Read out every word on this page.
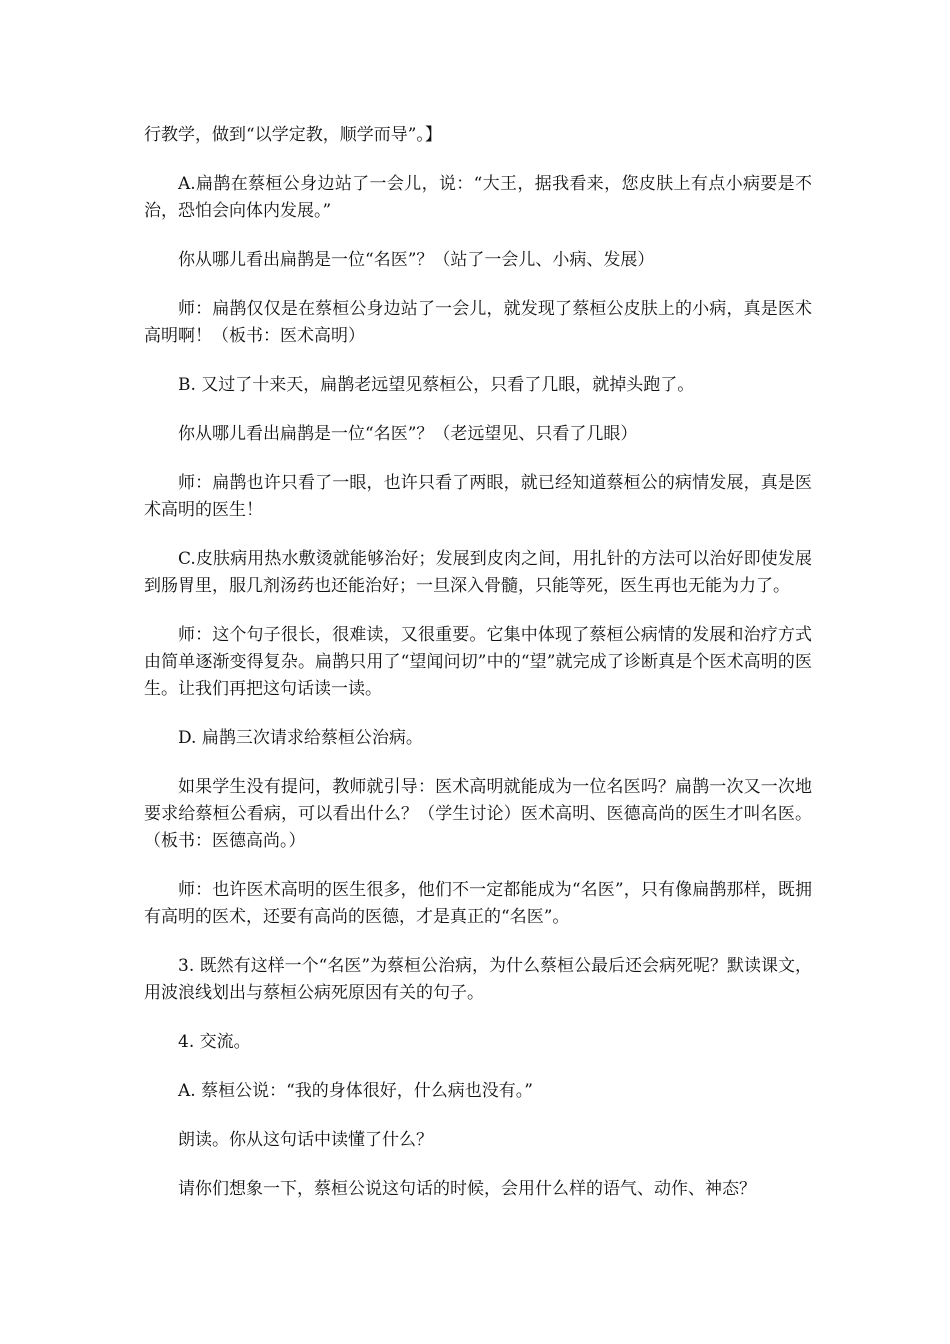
行教学，做到“以学定教，顺学而导”。】

A.扁鹊在蔡桓公身边站了一会儿，说：“大王，据我看来，您皮肤上有点小病要是不治，恐怕会向体内发展。”

你从哪儿看出扁鹊是一位“名医”？（站了一会儿、小病、发展）

师：扁鹊仅仅是在蔡桓公身边站了一会儿，就发现了蔡桓公皮肤上的小病，真是医术高明啊！（板书：医术高明）

B. 又过了十来天，扁鹊老远望见蔡桓公，只看了几眼，就掉头跑了。

你从哪儿看出扁鹊是一位“名医”？（老远望见、只看了几眼）

师：扁鹊也许只看了一眼，也许只看了两眼，就已经知道蔡桓公的病情发展，真是医术高明的医生！

C.皮肤病用热水敷烫就能够治好；发展到皮肉之间，用扎针的方法可以治好即使发展到肠胃里，服几剂汤药也还能治好；一旦深入骨髓，只能等死，医生再也无能为力了。

师：这个句子很长，很难读，又很重要。它集中体现了蔡桓公病情的发展和治疗方式由简单逐渐变得复杂。扁鹊只用了“望闻问切”中的“望”就完成了诊断真是个医术高明的医生。让我们再把这句话读一读。

D. 扁鹊三次请求给蔡桓公治病。

如果学生没有提问，教师就引导：医术高明就能成为一位名医吗？扁鹊一次又一次地要求给蔡桓公看病，可以看出什么？（学生讨论）医术高明、医德高尚的医生才叫名医。（板书：医德高尚。）

师：也许医术高明的医生很多，他们不一定都能成为“名医”，只有像扁鹊那样，既拥有高明的医术，还要有高尚的医德，才是真正的“名医”。

3. 既然有这样一个“名医”为蔡桓公治病，为什么蔡桓公最后还会病死呢？默读课文，用波浪线划出与蔡桓公病死原因有关的句子。

4. 交流。

A. 蔡桓公说：“我的身体很好，什么病也没有。”

朗读。你从这句话中读懂了什么？

请你们想象一下，蔡桓公说这句话的时候，会用什么样的语气、动作、神态？
